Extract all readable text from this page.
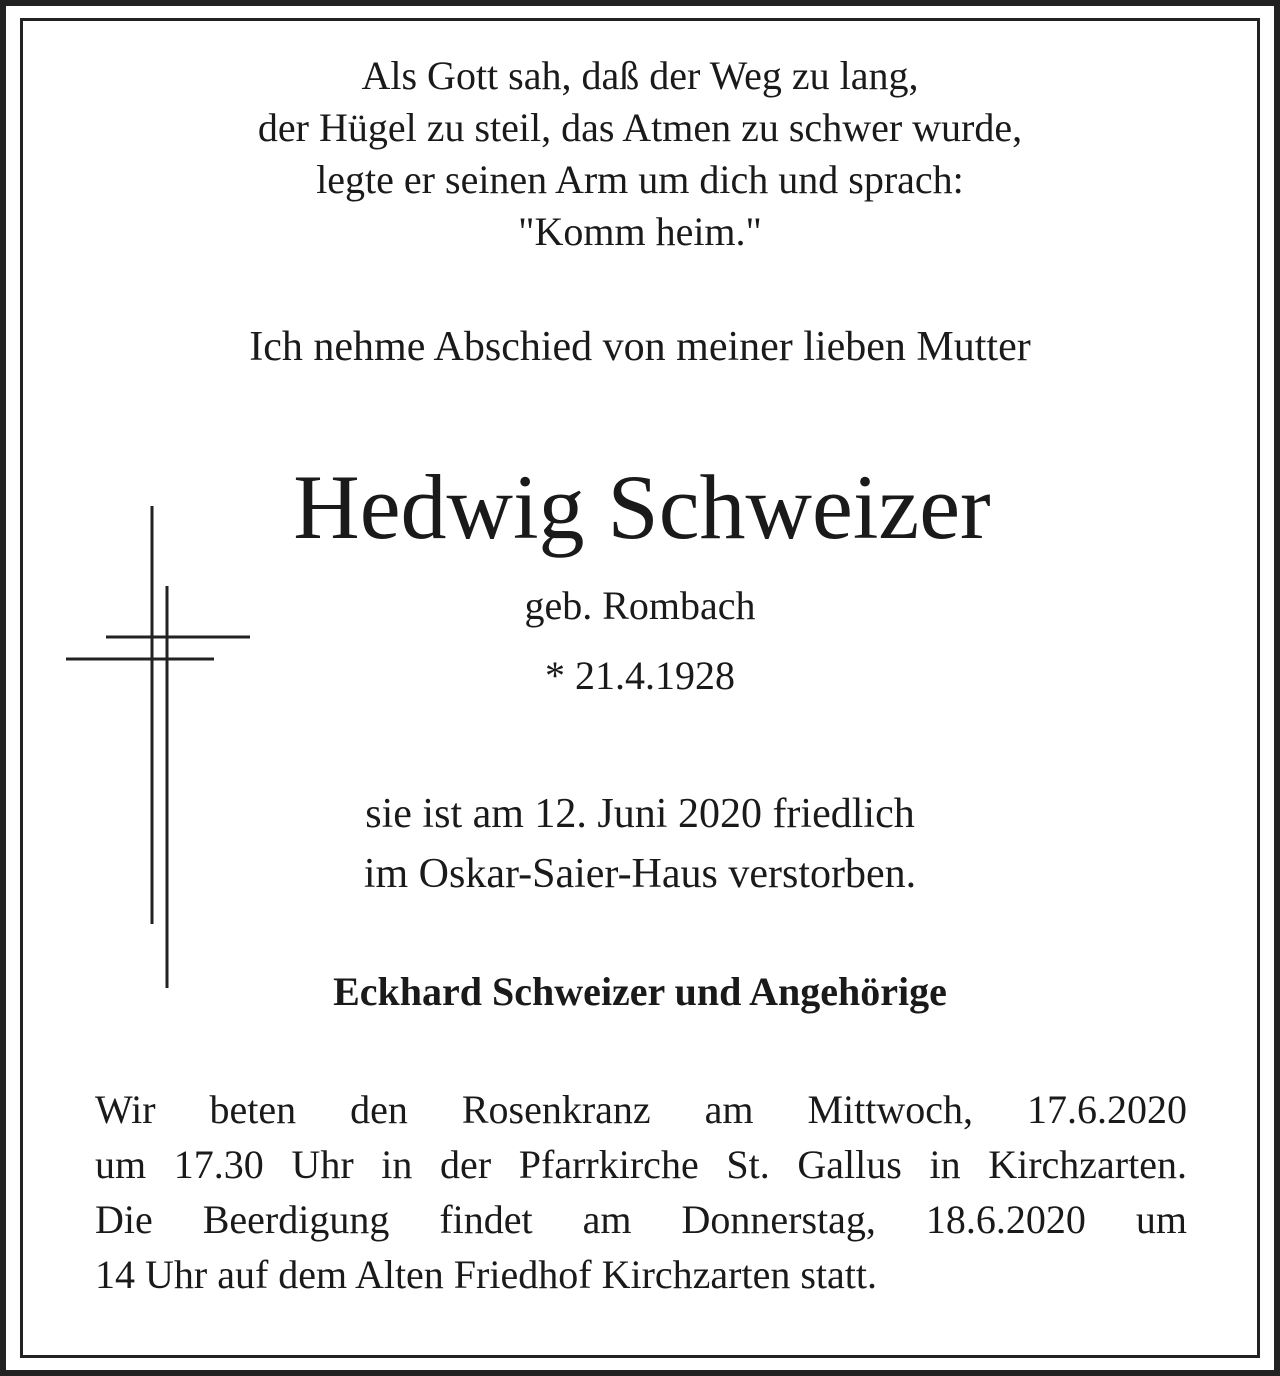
Als Gott sah, daß der Weg zu lang,
der Hügel zu steil, das Atmen zu schwer wurde,
legte er seinen Arm um dich und sprach:
"Komm heim."
Ich nehme Abschied von meiner lieben Mutter
Hedwig Schweizer
geb. Rombach
* 21.4.1928
sie ist am 12. Juni 2020 friedlich
im Oskar-Saier-Haus verstorben.
Eckhard Schweizer und Angehörige
Wir beten den Rosenkranz am Mittwoch, 17.6.2020
um 17.30 Uhr in der Pfarrkirche St. Gallus in Kirchzarten.
Die Beerdigung findet am Donnerstag, 18.6.2020 um
14 Uhr auf dem Alten Friedhof Kirchzarten statt.
